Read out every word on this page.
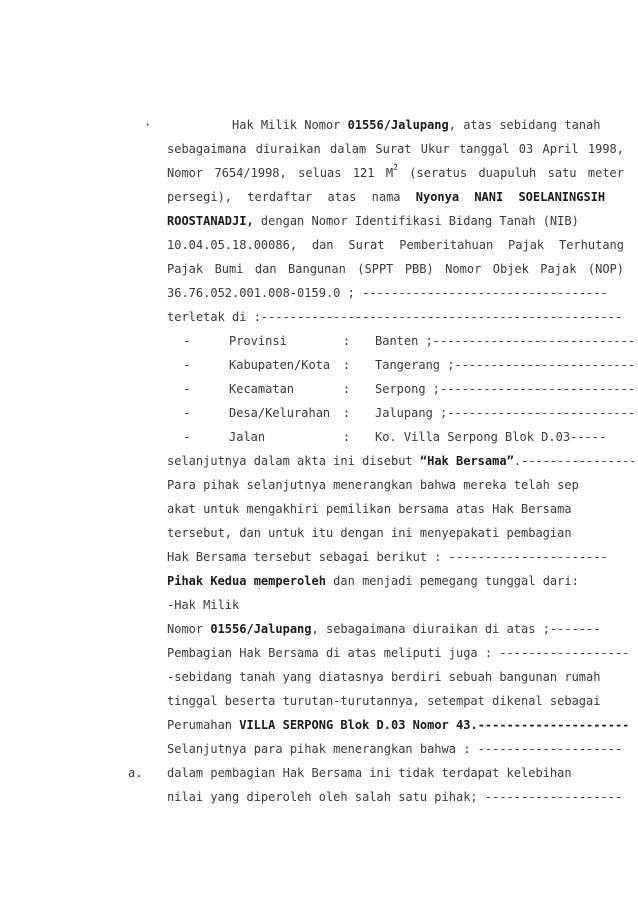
·	Hak Milik Nomor 01556/Jalupang, atas sebidang tanah
sebagaimana diuraikan dalam Surat Ukur tanggal 03 April 1998,
Nomor 7654/1998, seluas 121 $M^2$ (seratus duapuluh satu meter
persegi), terdaftar atas nama Nyonya NANI SOELANINGSIH
ROOSTANADJI, dengan Nomor Identifikasi Bidang Tanah (NIB)
10.04.05.18.00086, dan Surat Pemberitahuan Pajak Terhutang
Pajak Bumi dan Bangunan (SPPT PBB) Nomor Objek Pajak (NOP)
36.76.052.001.008-0159.0 ; ----------------------------------
terletak di :--------------------------------------------------
-	Provinsi	: Banten ;----------------------------
-	Kabupaten/Kota : Tangerang ;-------------------------
-	Kecamatan	: Serpong ;---------------------------
-	Desa/Kelurahan : Jalupang ;--------------------------
-	Jalan	: Ko. Villa Serpong Blok D.03-----
selanjutnya dalam akta ini disebut “Hak Bersama”.----------------
Para pihak selanjutnya menerangkan bahwa mereka telah sep
akat untuk mengakhiri pemilikan bersama atas Hak Bersama
tersebut, dan untuk itu dengan ini menyepakati pembagian
Hak Bersama tersebut sebagai berikut : ----------------------
Pihak Kedua memperoleh dan menjadi pemegang tunggal dari:
-Hak Milik
Nomor 01556/Jalupang, sebagaimana diuraikan di atas ;-------
Pembagian Hak Bersama di atas meliputi juga : ------------------
-sebidang tanah yang diatasnya berdiri sebuah bangunan rumah
tinggal beserta turutan-turutannya, setempat dikenal sebagai
Perumahan VILLA SERPONG Blok D.03 Nomor 43.---------------------
Selanjutnya para pihak menerangkan bahwa : --------------------
a. dalam pembagian Hak Bersama ini tidak terdapat kelebihan
nilai yang diperoleh oleh salah satu pihak; -------------------
